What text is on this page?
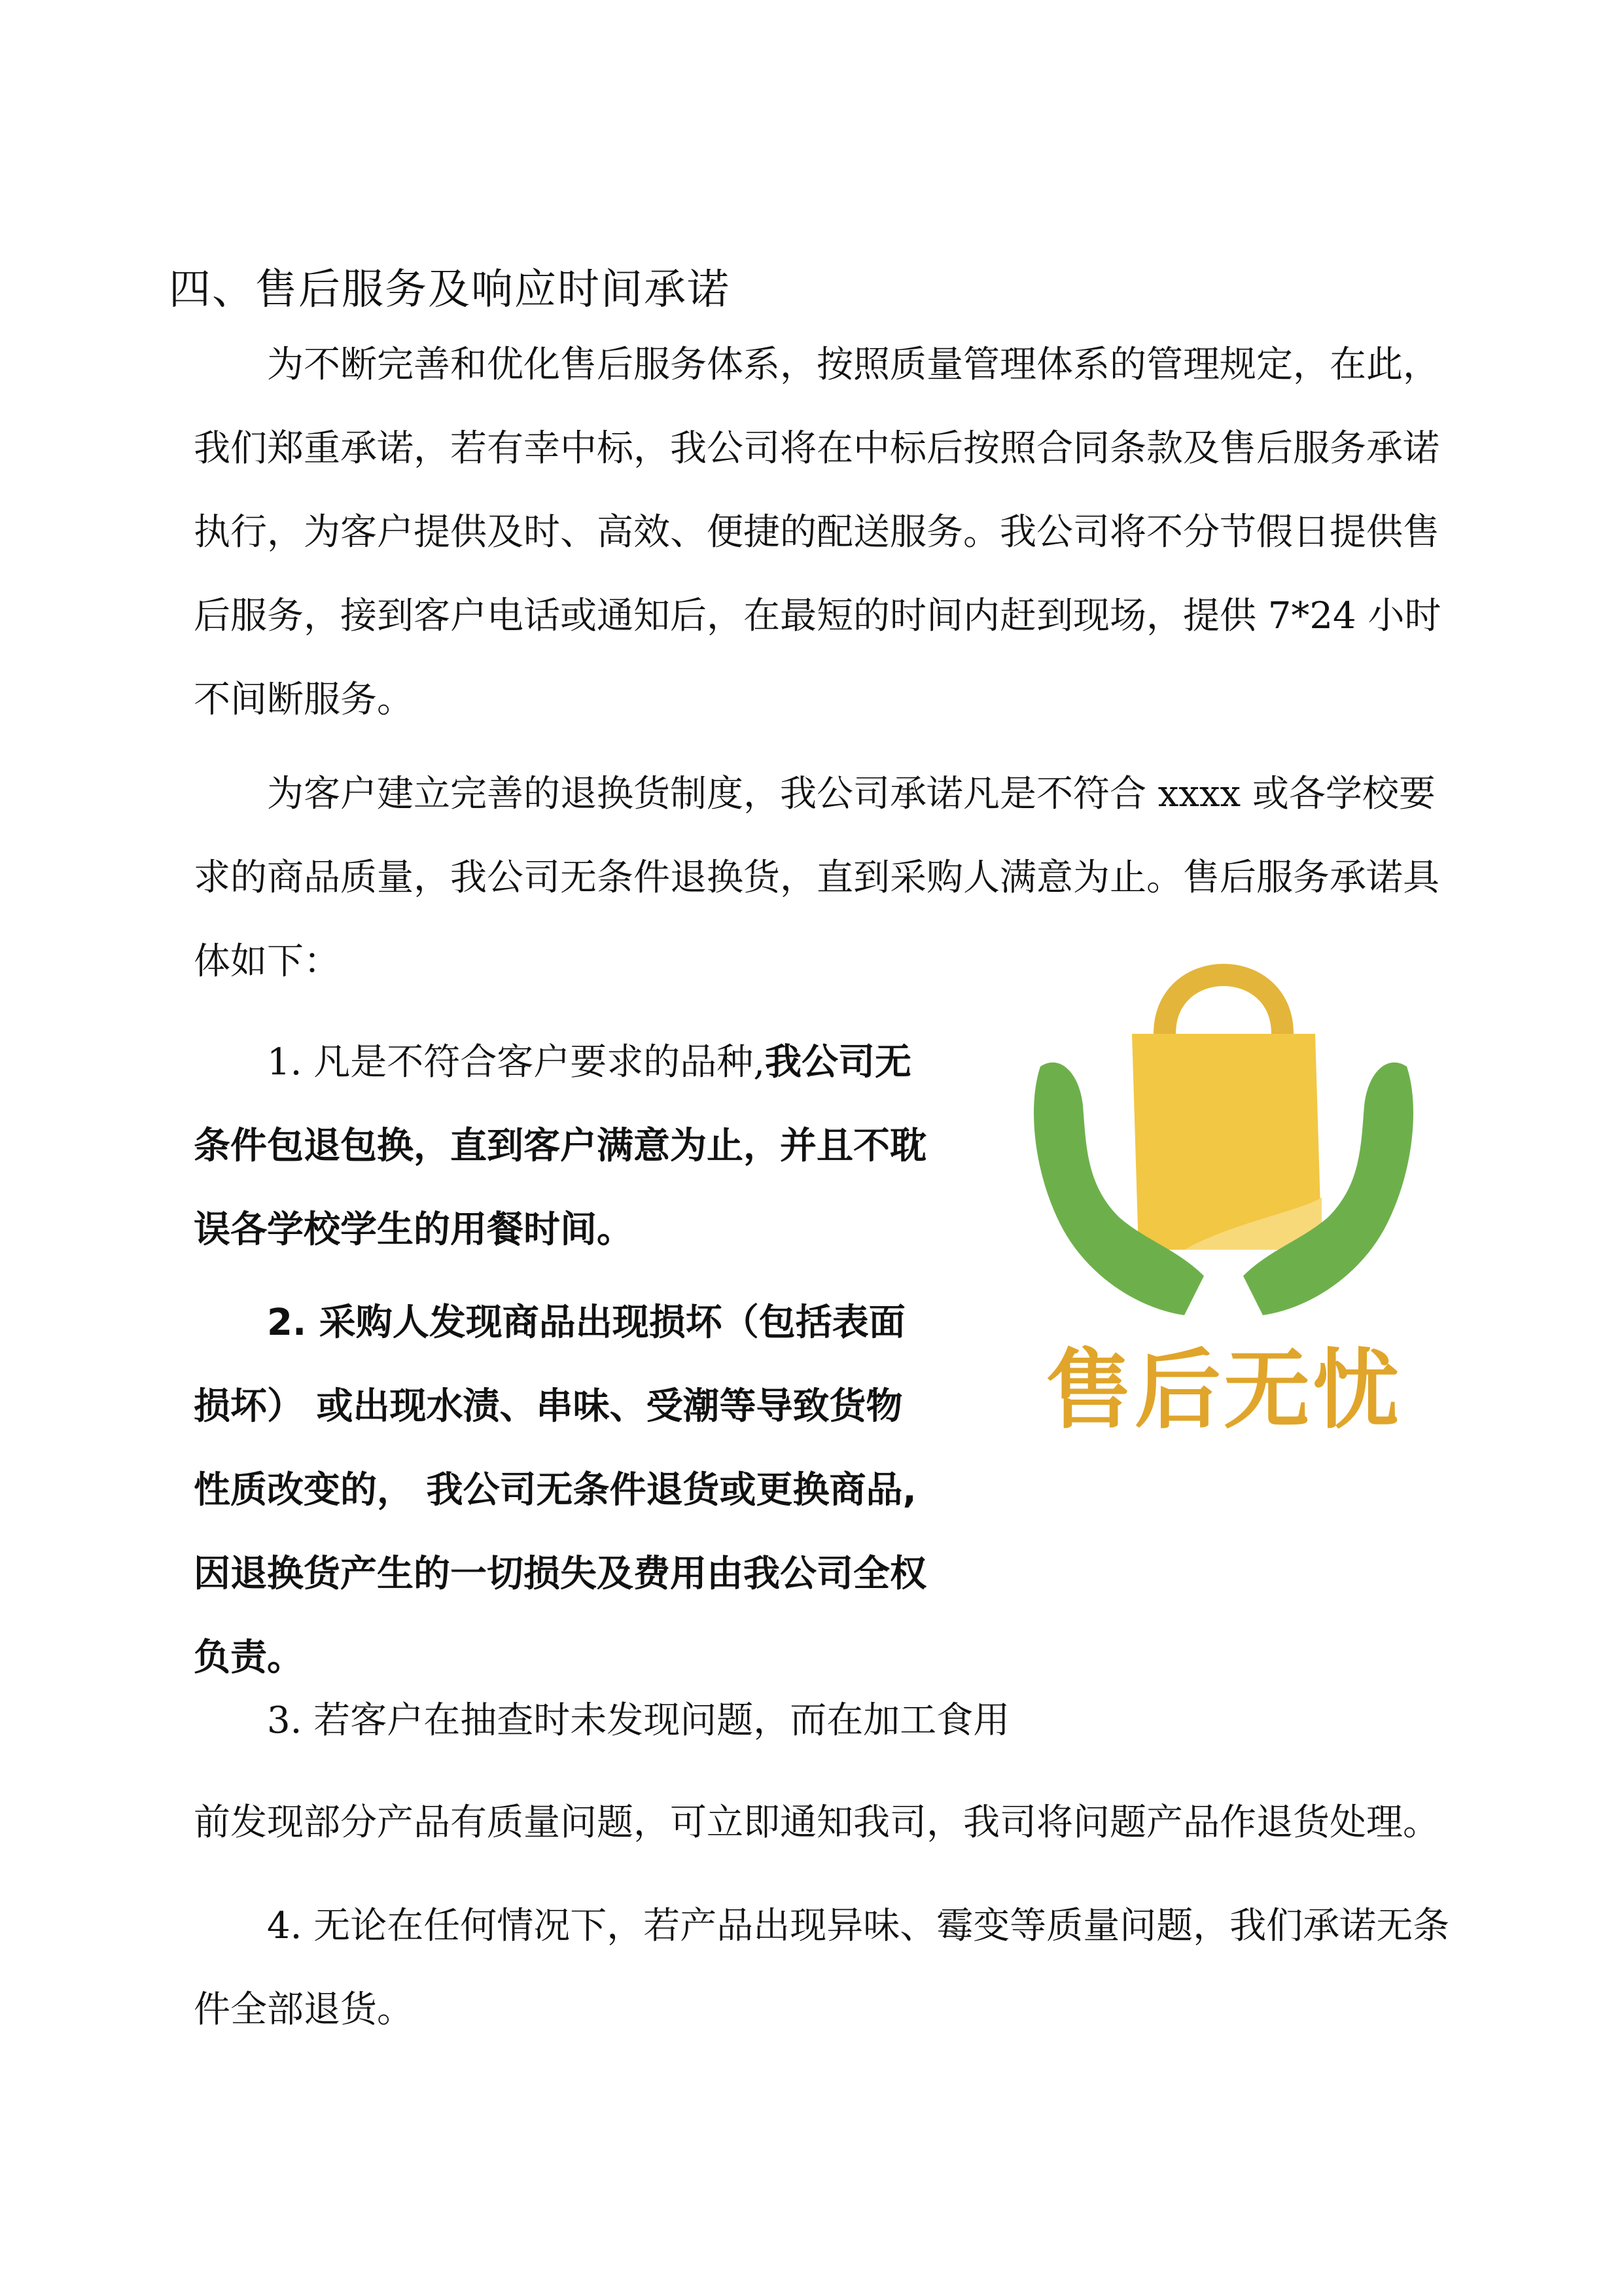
四、售后服务及响应时间承诺

为不断完善和优化售后服务体系，按照质量管理体系的管理规定，在此，我们郑重承诺，若有幸中标，我公司将在中标后按照合同条款及售后服务承诺执行，为客户提供及时、高效、便捷的配送服务。我公司将不分节假日提供售后服务，接到客户电话或通知后，在最短的时间内赶到现场，提供 7*24 小时不间断服务。

为客户建立完善的退换货制度，我公司承诺凡是不符合 xxxx 或各学校要求的商品质量，我公司无条件退换货，直到采购人满意为止。售后服务承诺具体如下：

1. 凡是不符合客户要求的品种,我公司无条件包退包换，直到客户满意为止，并且不耽误各学校学生的用餐时间。

2. 采购人发现商品出现损坏（包括表面损坏） 或出现水渍、串味、受潮等导致货物性质改变的， 我公司无条件退货或更换商品,因退换货产生的一切损失及费用由我公司全权负责。

3. 若客户在抽查时未发现问题，而在加工食用

前发现部分产品有质量问题，可立即通知我司，我司将问题产品作退货处理。

4. 无论在任何情况下，若产品出现异味、霉变等质量问题，我们承诺无条件全部退货。

售后无忧
